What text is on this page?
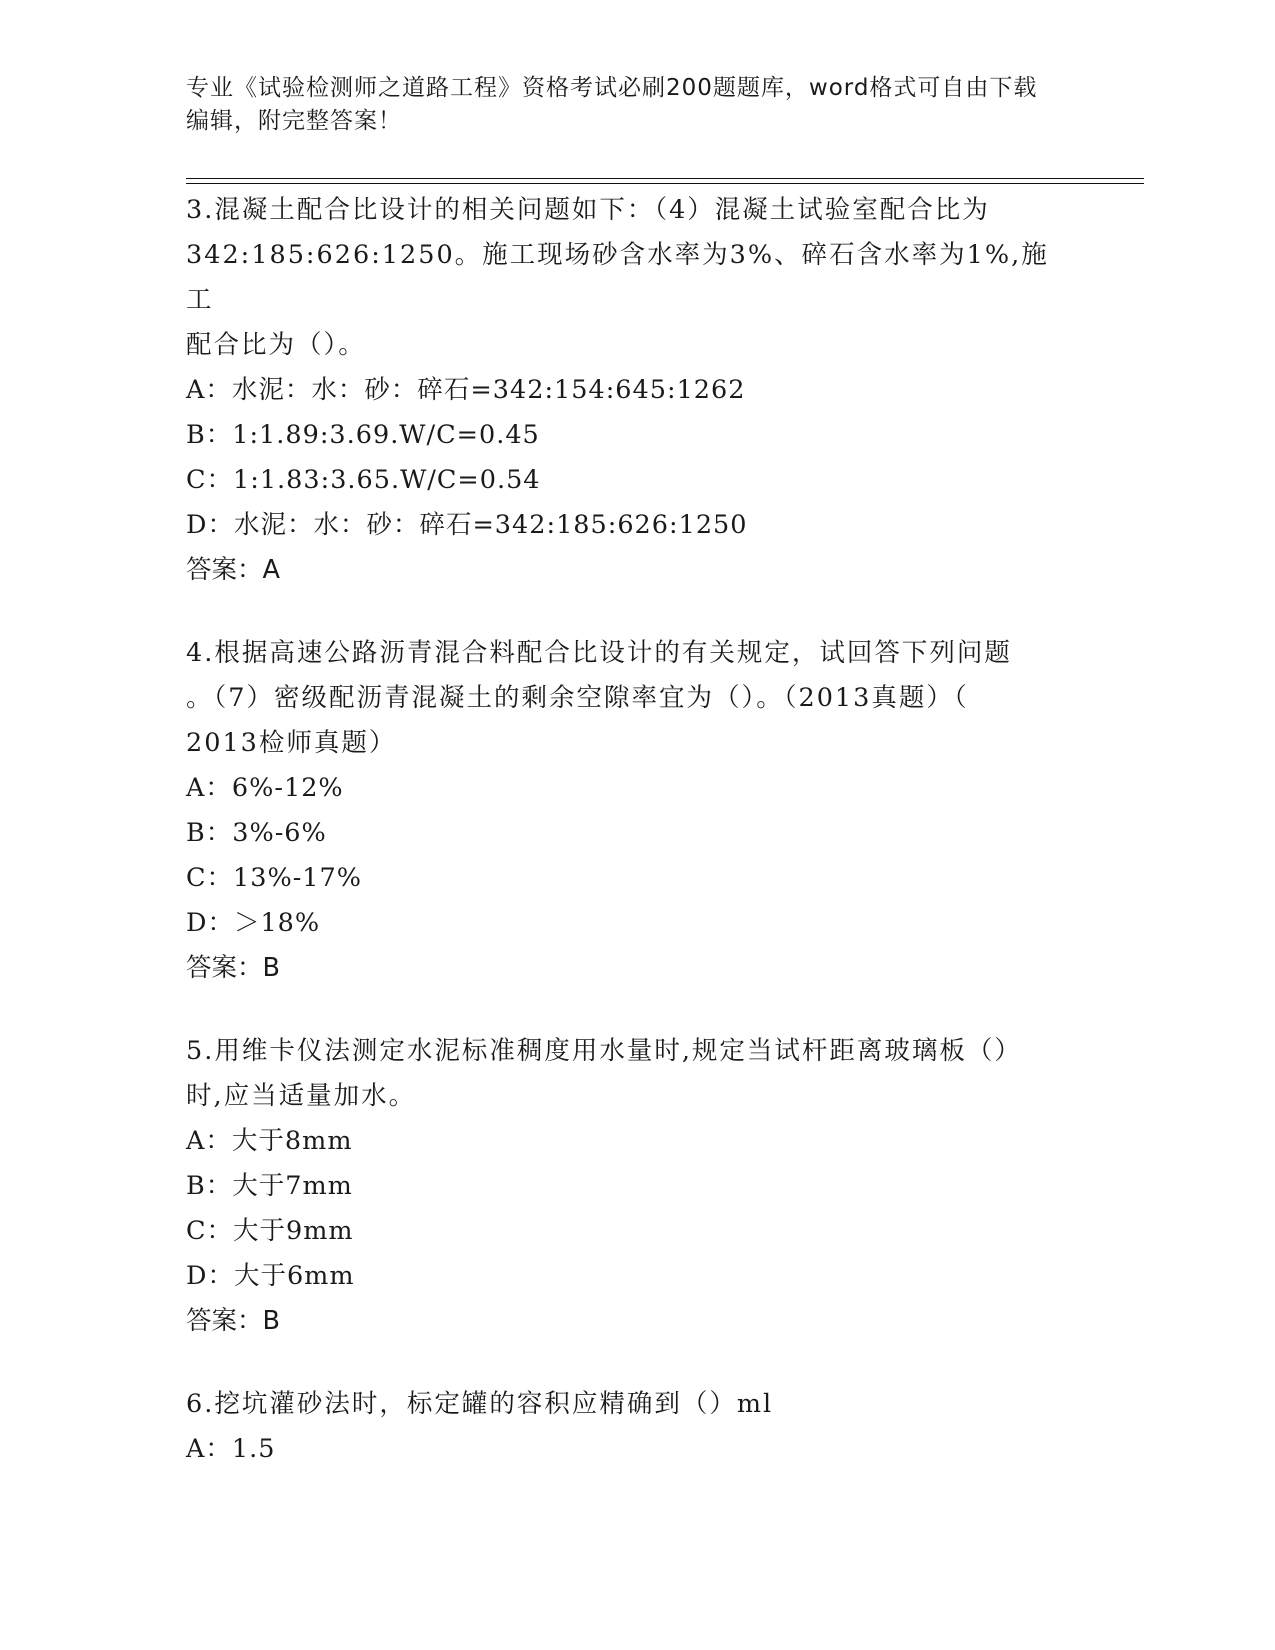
专业《试验检测师之道路工程》资格考试必刷200题题库，word格式可自由下载
编辑，附完整答案！

3.混凝土配合比设计的相关问题如下：（4）混凝土试验室配合比为

342:185:626:1250。施工现场砂含水率为3%、碎石含水率为1%,施工

配合比为（）。

A：水泥：水：砂：碎石=342:154:645:1262

B：1:1.89:3.69.W/C=0.45

C：1:1.83:3.65.W/C=0.54

D：水泥：水：砂：碎石=342:185:626:1250

答案：A

4.根据高速公路沥青混合料配合比设计的有关规定，试回答下列问题

。（7）密级配沥青混凝土的剩余空隙率宜为（）。（2013真题）（

2013检师真题）

A：6%-12%

B：3%-6%

C：13%-17%

D：＞18%

答案：B

5.用维卡仪法测定水泥标准稠度用水量时,规定当试杆距离玻璃板（）

时,应当适量加水。

A：大于8mm

B：大于7mm

C：大于9mm

D：大于6mm

答案：B

6.挖坑灌砂法时，标定罐的容积应精确到（）ml

A：1.5
